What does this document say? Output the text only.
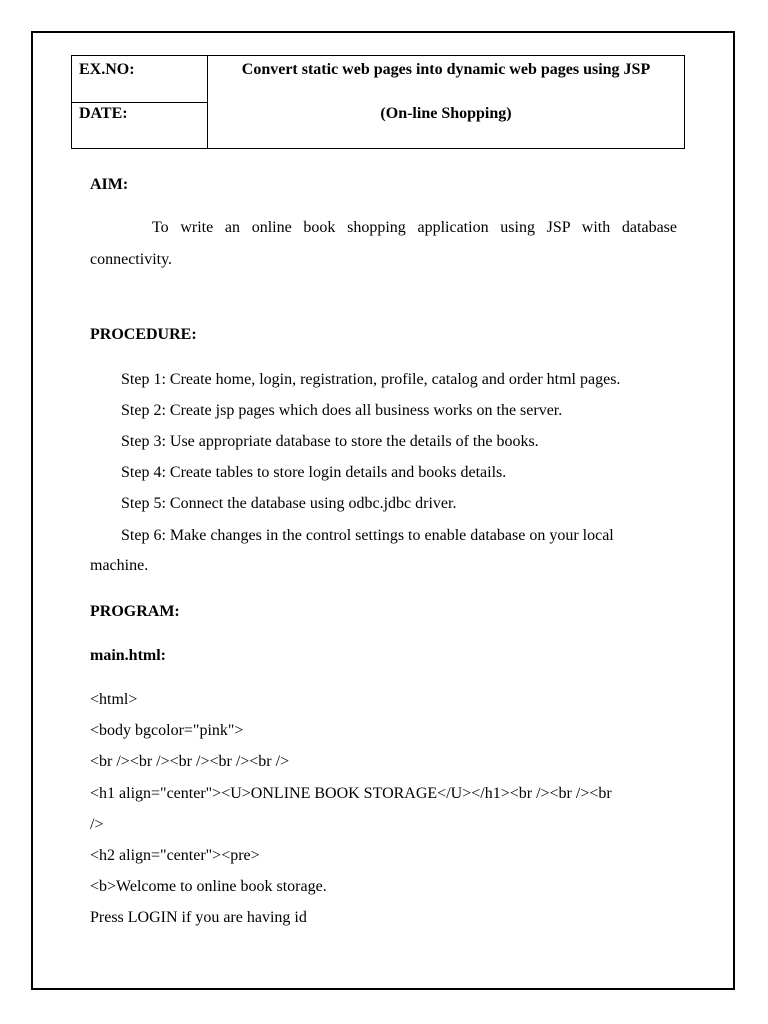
EX.NO:
DATE:
Convert static web pages into dynamic web pages using JSP
(On-line Shopping)
AIM:
To write an online book shopping application using JSP with database
connectivity.
PROCEDURE:
Step 1: Create home, login, registration, profile, catalog and order html pages.
Step 2: Create jsp pages which does all business works on the server.
Step 3: Use appropriate database to store the details of the books.
Step 4: Create tables to store login details and books details.
Step 5: Connect the database using odbc.jdbc driver.
Step 6: Make changes in the control settings to enable database on your local
machine.
PROGRAM:
main.html:
<html>
<body bgcolor="pink">
<br /><br /><br /><br /><br />
<h1 align="center"><U>ONLINE BOOK STORAGE</U></h1><br /><br /><br
/>
<h2 align="center"><pre>
<b>Welcome to online book storage.
Press LOGIN if you are having id
